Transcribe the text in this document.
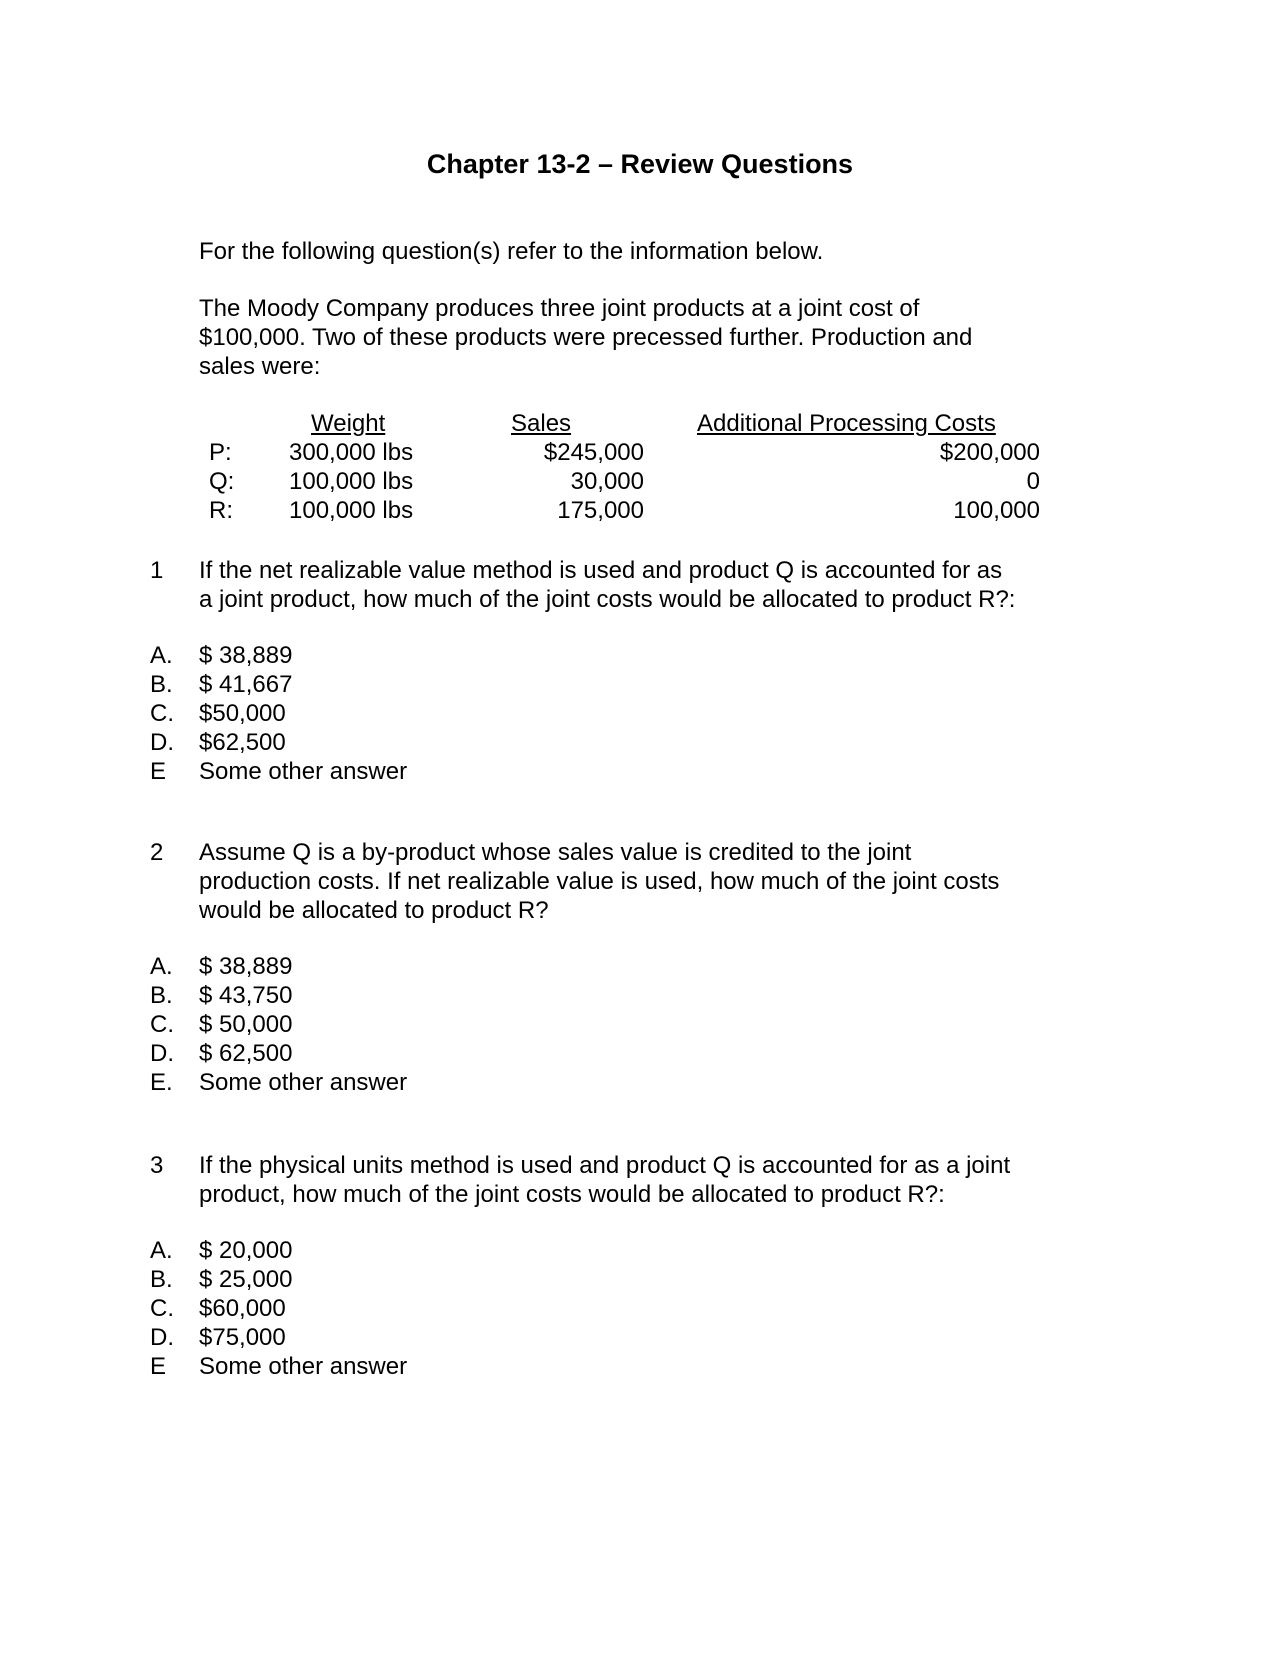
Chapter 13-2 – Review Questions
For the following question(s) refer to the information below.
The Moody Company produces three joint products at a joint cost of
$100,000. Two of these products were precessed further. Production and
sales were:
Weight	Sales	Additional Processing Costs
P: 300,000 lbs	$245,000	$200,000
Q: 100,000 lbs	30,000	0
R: 100,000 lbs	175,000	100,000
1 If the net realizable value method is used and product Q is accounted for as
a joint product, how much of the joint costs would be allocated to product R?:
A. $ 38,889
B. $ 41,667
C. $50,000
D. $62,500
E Some other answer
2 Assume Q is a by-product whose sales value is credited to the joint
production costs. If net realizable value is used, how much of the joint costs
would be allocated to product R?
A. $ 38,889
B. $ 43,750
C. $ 50,000
D. $ 62,500
E. Some other answer
3 If the physical units method is used and product Q is accounted for as a joint
product, how much of the joint costs would be allocated to product R?:
A. $ 20,000
B. $ 25,000
C. $60,000
D. $75,000
E Some other answer
